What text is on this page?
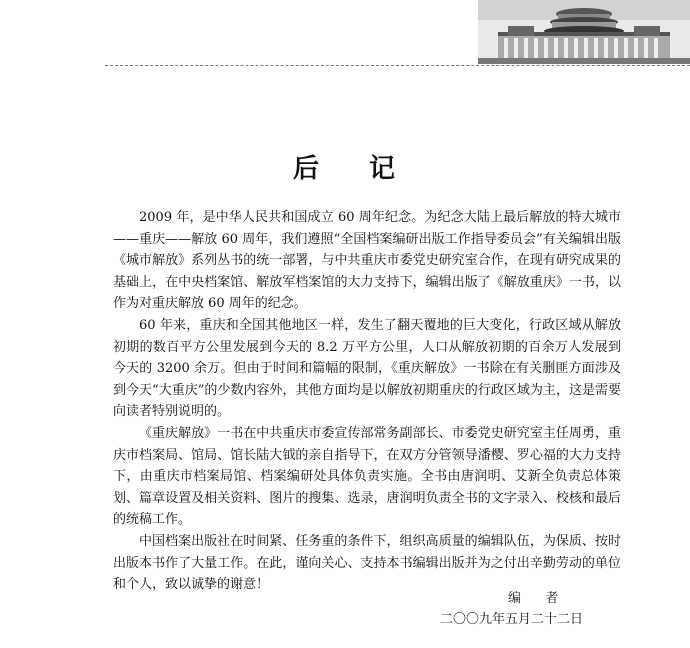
后 记

2009 年，是中华人民共和国成立 60 周年纪念。为纪念大陆上最后解放的特大城市——重庆——解放 60 周年，我们遵照“全国档案编研出版工作指导委员会”有关编辑出版《城市解放》系列丛书的统一部署，与中共重庆市委党史研究室合作，在现有研究成果的基础上，在中央档案馆、解放军档案馆的大力支持下，编辑出版了《解放重庆》一书，以作为对重庆解放 60 周年的纪念。

60 年来，重庆和全国其他地区一样，发生了翻天覆地的巨大变化，行政区域从解放初期的数百平方公里发展到今天的 8.2 万平方公里，人口从解放初期的百余万人发展到今天的 3200 余万。但由于时间和篇幅的限制，《重庆解放》一书除在有关删匪方面涉及到今天“大重庆”的少数内容外，其他方面均是以解放初期重庆的行政区域为主，这是需要向读者特别说明的。

《重庆解放》一书在中共重庆市委宣传部常务副部长、市委党史研究室主任周勇，重庆市档案局、馆局、馆长陆大钺的亲自指导下，在双方分管领导潘樱、罗心福的大力支持下，由重庆市档案局馆、档案编研处具体负责实施。全书由唐润明、艾新全负责总体策划、篇章设置及相关资料、图片的搜集、选录，唐润明负责全书的文字录入、校核和最后的统稿工作。

中国档案出版社在时间紧、任务重的条件下，组织高质量的编辑队伍，为保质、按时出版本书作了大量工作。在此，谨向关心、支持本书编辑出版并为之付出辛勤劳动的单位和个人，致以诚挚的谢意！

编 者
二〇〇九年五月二十二日
